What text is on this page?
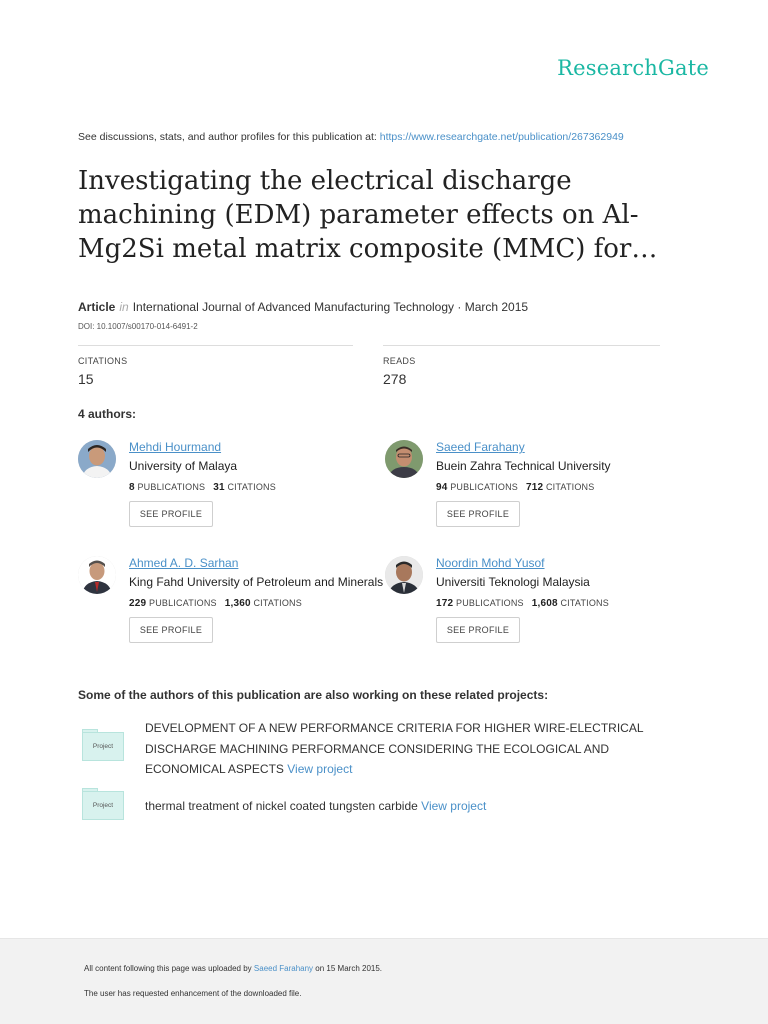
ResearchGate
See discussions, stats, and author profiles for this publication at: https://www.researchgate.net/publication/267362949
Investigating the electrical discharge machining (EDM) parameter effects on Al-Mg2Si metal matrix composite (MMC) for…
Article in International Journal of Advanced Manufacturing Technology · March 2015
DOI: 10.1007/s00170-014-6491-2
CITATIONS
15
READS
278
4 authors:
Mehdi Hourmand
University of Malaya
8 PUBLICATIONS 31 CITATIONS
SEE PROFILE
Saeed Farahany
Buein Zahra Technical University
94 PUBLICATIONS 712 CITATIONS
SEE PROFILE
Ahmed A. D. Sarhan
King Fahd University of Petroleum and Minerals
229 PUBLICATIONS 1,360 CITATIONS
SEE PROFILE
Noordin Mohd Yusof
Universiti Teknologi Malaysia
172 PUBLICATIONS 1,608 CITATIONS
SEE PROFILE
Some of the authors of this publication are also working on these related projects:
Project
DEVELOPMENT OF A NEW PERFORMANCE CRITERIA FOR HIGHER WIRE-ELECTRICAL DISCHARGE MACHINING PERFORMANCE CONSIDERING THE ECOLOGICAL AND ECONOMICAL ASPECTS View project
Project	thermal treatment of nickel coated tungsten carbide View project
All content following this page was uploaded by Saeed Farahany on 15 March 2015.
The user has requested enhancement of the downloaded file.
